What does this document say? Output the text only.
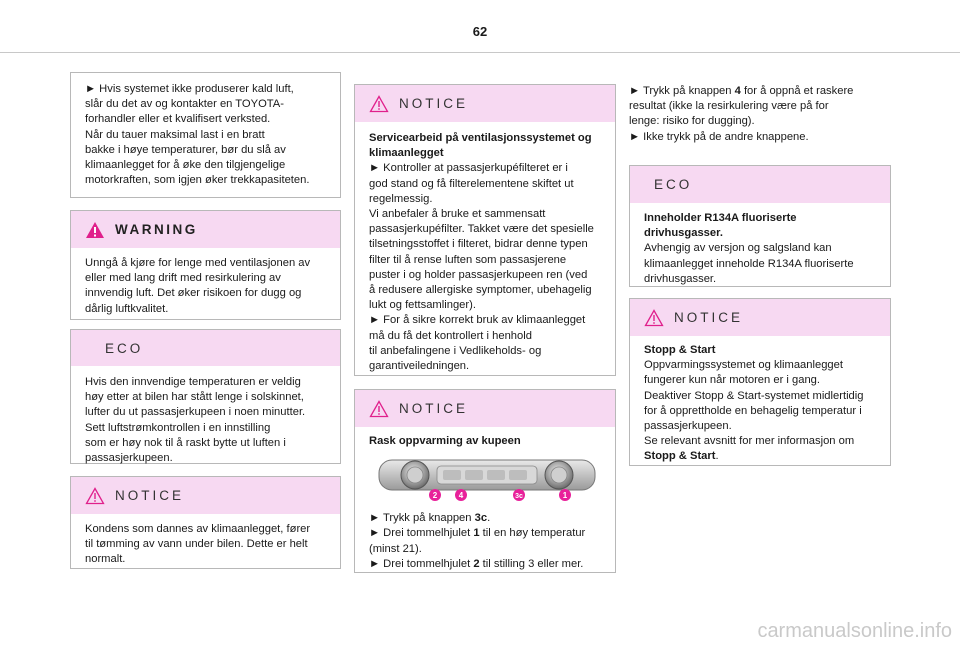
62
► Hvis systemet ikke produserer kald luft,
slår du det av og kontakter en TOYOTA-
forhandler eller et kvalifisert verksted.
Når du tauer maksimal last i en bratt
bakke i høye temperaturer, bør du slå av
klimaanlegget for å øke den tilgjengelige
motorkraften, som igjen øker trekkapasiteten.
WARNING
Unngå å kjøre for lenge med ventilasjonen av
eller med lang drift med resirkulering av
innvendig luft. Det øker risikoen for dugg og
dårlig luftkvalitet.
ECO
Hvis den innvendige temperaturen er veldig
høy etter at bilen har stått lenge i solskinnet,
lufter du ut passasjerkupeen i noen minutter.
Sett luftstrømkontrollen i en innstilling
som er høy nok til å raskt bytte ut luften i
passasjerkupeen.
NOTICE
Kondens som dannes av klimaanlegget, fører
til tømming av vann under bilen. Dette er helt
normalt.
NOTICE
Servicearbeid på ventilasjonssystemet og
klimaanlegget
► Kontroller at passasjerkupéfilteret er i
god stand og få filterelementene skiftet ut
regelmessig.
Vi anbefaler å bruke et sammensatt
passasjerkupéfilter. Takket være det spesielle
tilsetningsstoffet i filteret, bidrar denne typen
filter til å rense luften som passasjerene
puster i og holder passasjerkupeen ren (ved
å redusere allergiske symptomer, ubehagelig
lukt og fettsamlinger).
► For å sikre korrekt bruk av klimaanlegget
må du få det kontrollert i henhold
til anbefalingene i Vedlikeholds- og
garantiveiledningen.
NOTICE
Rask oppvarming av kupeen
2	4	3c	1
► Trykk på knappen 3c.
► Drei tommelhjulet 1 til en høy temperatur
(minst 21).
► Drei tommelhjulet 2 til stilling 3 eller mer.
► Trykk på knappen 4 for å oppnå et raskere
resultat (ikke la resirkulering være på for
lenge: risiko for dugging).
► Ikke trykk på de andre knappene.
ECO
Inneholder R134A fluoriserte
drivhusgasser.
Avhengig av versjon og salgsland kan
klimaanlegget inneholde R134A fluoriserte
drivhusgasser.
NOTICE
Stopp & Start
Oppvarmingssystemet og klimaanlegget
fungerer kun når motoren er i gang.
Deaktiver Stopp & Start-systemet midlertidig
for å opprettholde en behagelig temperatur i
passasjerkupeen.
Se relevant avsnitt for mer informasjon om
Stopp & Start.
carmanualsonline.info
